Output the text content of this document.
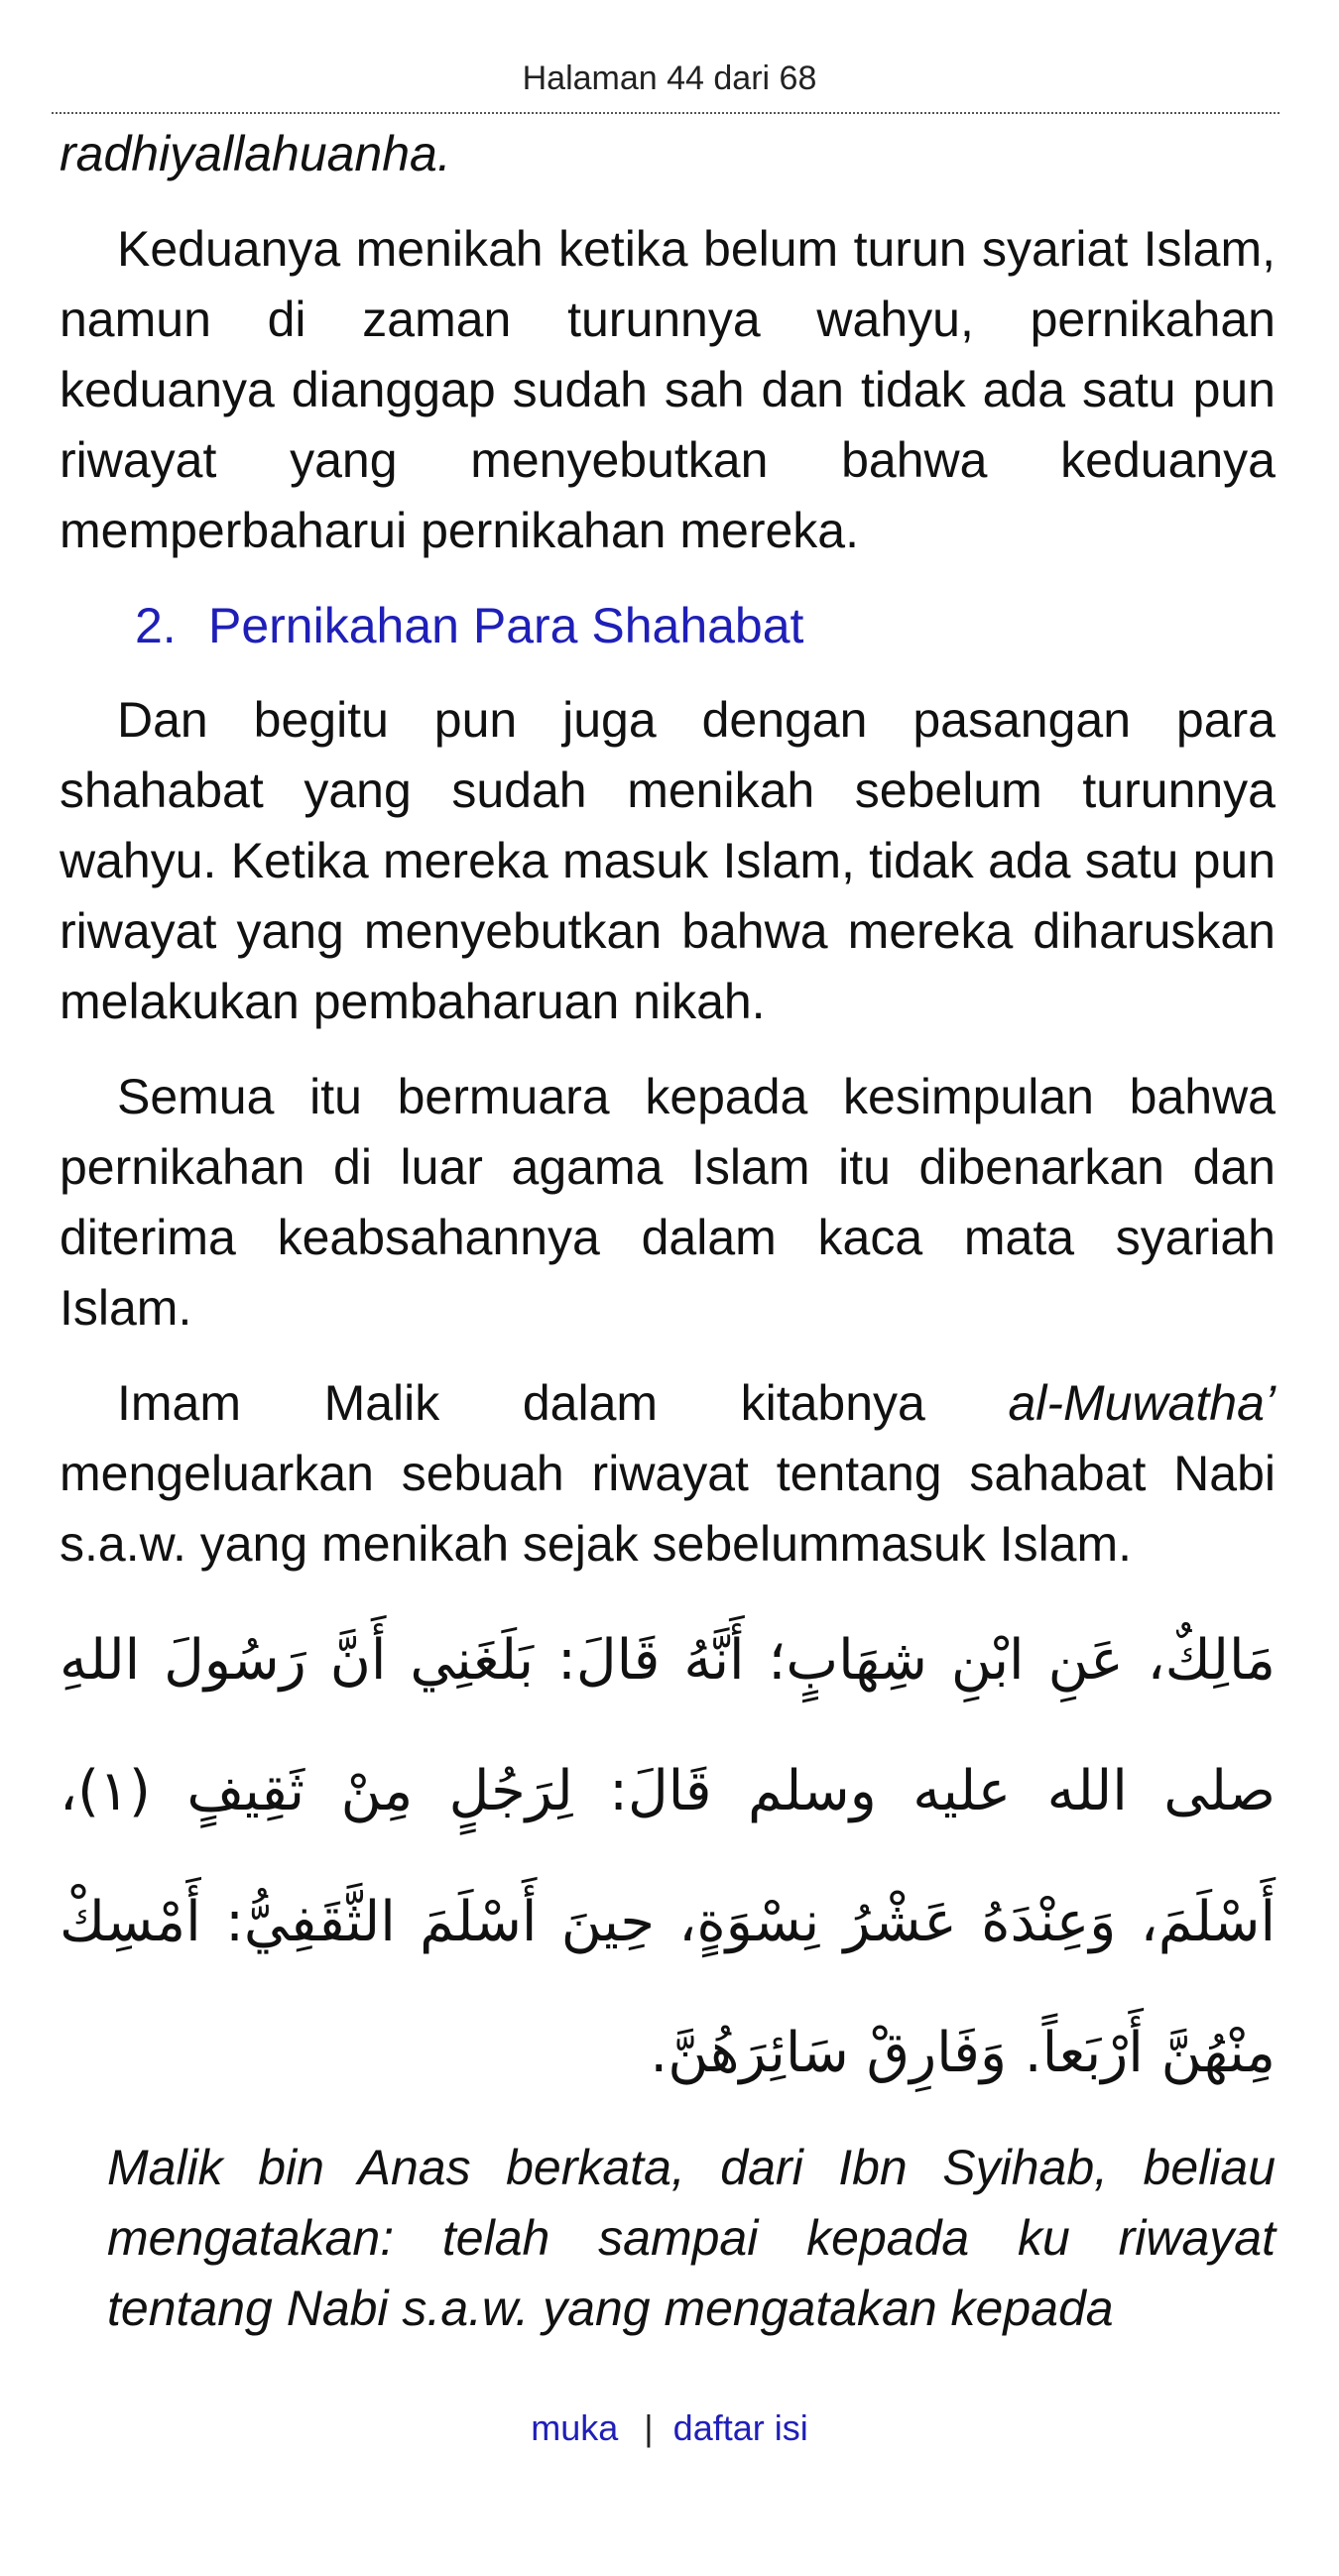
Halaman 44 dari 68

radhiyallahuanha.

Keduanya menikah ketika belum turun syariat Islam, namun di zaman turunnya wahyu, pernikahan keduanya dianggap sudah sah dan tidak ada satu pun riwayat yang menyebutkan bahwa keduanya memperbaharui pernikahan mereka.

2. Pernikahan Para Shahabat

Dan begitu pun juga dengan pasangan para shahabat yang sudah menikah sebelum turunnya wahyu. Ketika mereka masuk Islam, tidak ada satu pun riwayat yang menyebutkan bahwa mereka diharuskan melakukan pembaharuan nikah.

Semua itu bermuara kepada kesimpulan bahwa pernikahan di luar agama Islam itu dibenarkan dan diterima keabsahannya dalam kaca mata syariah Islam.

Imam Malik dalam kitabnya al-Muwatha’ mengeluarkan sebuah riwayat tentang sahabat Nabi s.a.w. yang menikah sejak sebelummasuk Islam.

مَالِكٌ، عَنِ ابْنِ شِهَابٍ؛ أَنَّهُ قَالَ: بَلَغَنِي أَنَّ رَسُولَ اللهِ صلى الله عليه وسلم قَالَ: لِرَجُلٍ مِنْ ثَقِيفٍ (١)، أَسْلَمَ، وَعِنْدَهُ عَشْرُ نِسْوَةٍ، حِينَ أَسْلَمَ الثَّقَفِيُّ: أَمْسِكْ مِنْهُنَّ أَرْبَعاً. وَفَارِقْ سَائِرَهُنَّ.

Malik bin Anas berkata, dari Ibn Syihab, beliau mengatakan: telah sampai kepada ku riwayat tentang Nabi s.a.w. yang mengatakan kepada

muka | daftar isi
